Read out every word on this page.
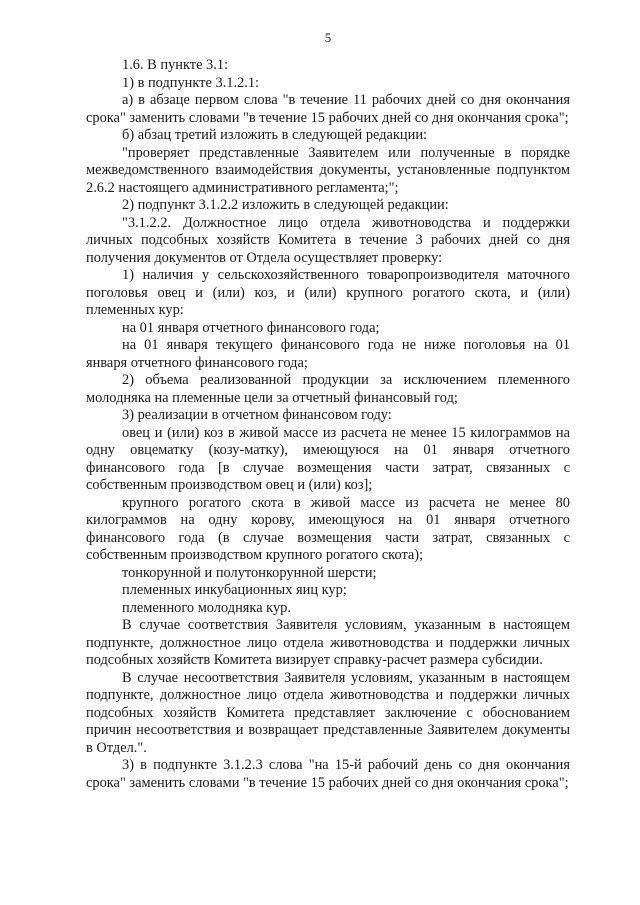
5

1.6. В пункте 3.1:

1) в подпункте 3.1.2.1:

а) в абзаце первом слова "в течение 11 рабочих дней со дня окончания срока" заменить словами "в течение 15 рабочих дней со дня окончания срока";

б) абзац третий изложить в следующей редакции:

"проверяет представленные Заявителем или полученные в порядке межведомственного взаимодействия документы, установленные подпунктом 2.6.2 настоящего административного регламента;";

2) подпункт 3.1.2.2 изложить в следующей редакции:

"3.1.2.2. Должностное лицо отдела животноводства и поддержки личных подсобных хозяйств Комитета в течение 3 рабочих дней со дня получения документов от Отдела осуществляет проверку:

1) наличия у сельскохозяйственного товаропроизводителя маточного поголовья овец и (или) коз, и (или) крупного рогатого скота, и (или) племенных кур:

на 01 января отчетного финансового года;

на 01 января текущего финансового года не ниже поголовья на 01 января отчетного финансового года;

2) объема реализованной продукции за исключением племенного молодняка на племенные цели за отчетный финансовый год;

3) реализации в отчетном финансовом году:

овец и (или) коз в живой массе из расчета не менее 15 килограммов на одну овцематку (козу-матку), имеющуюся на 01 января отчетного финансового года [в случае возмещения части затрат, связанных с собственным производством овец и (или) коз];

крупного рогатого скота в живой массе из расчета не менее 80 килограммов на одну корову, имеющуюся на 01 января отчетного финансового года (в случае возмещения части затрат, связанных с собственным производством крупного рогатого скота);

тонкорунной и полутонкорунной шерсти;

племенных инкубационных яиц кур;

племенного молодняка кур.

В случае соответствия Заявителя условиям, указанным в настоящем подпункте, должностное лицо отдела животноводства и поддержки личных подсобных хозяйств Комитета визирует справку-расчет размера субсидии.

В случае несоответствия Заявителя условиям, указанным в настоящем подпункте, должностное лицо отдела животноводства и поддержки личных подсобных хозяйств Комитета представляет заключение с обоснованием причин несоответствия и возвращает представленные Заявителем документы в Отдел.".

3) в подпункте 3.1.2.3 слова "на 15-й рабочий день со дня окончания срока" заменить словами "в течение 15 рабочих дней со дня окончания срока";
